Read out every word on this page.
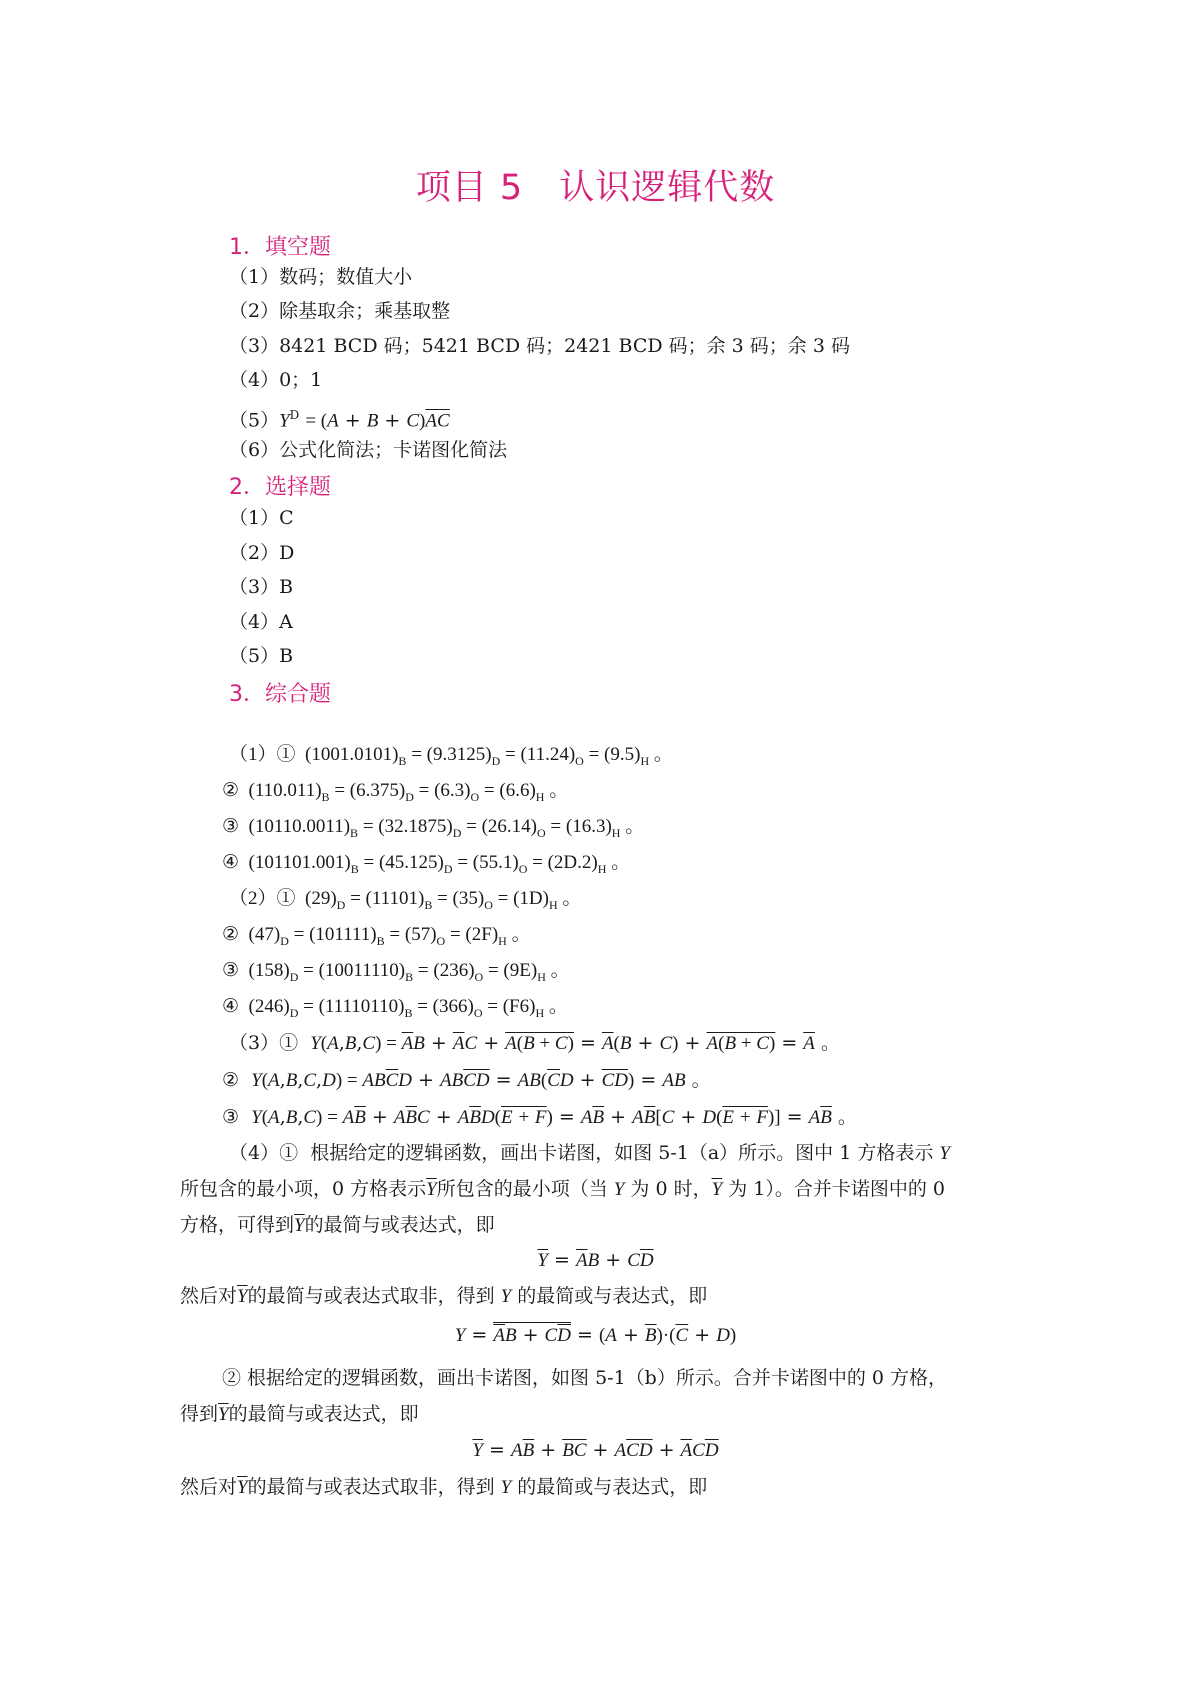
项目 5　认识逻辑代数
1．填空题
（1）数码；数值大小
（2）除基取余；乘基取整
（3）8421 BCD 码；5421 BCD 码；2421 BCD 码；余 3 码；余 3 码
（4）0；1
$(5)Y^D = (A + B + C)\overline{AC}$
（6）公式化简法；卡诺图化简法
2．选择题
（1）C
（2）D
（3）B
（4）A
（5）B
3．综合题
（1）①  $(1001.0101)_B = (9.3125)_D = (11.24)_O = (9.5)_H$ 。
②  $(110.011)_B = (6.375)_D = (6.3)_O = (6.6)_H$ 。
③  $(10110.0011)_B = (32.1875)_D = (26.14)_O = (16.3)_H$ 。
④  $(101101.001)_B = (45.125)_D = (55.1)_O = (2D.2)_H$ 。
（2）①  $(29)_D = (11101)_B = (35)_O = (1D)_H$ 。
②  $(47)_D = (101111)_B = (57)_O = (2F)_H$ 。
③  $(158)_D = (10011110)_B = (236)_O = (9E)_H$ 。
④  $(246)_D = (11110110)_B = (366)_O = (F6)_H$ 。
（3）① $Y(A,B,C) = \overline{A}B + \overline{A}C + \overline{A}(B + C) = \overline{A}(B + C) + \overline{A}(B + C) = \overline{A}$ 。
② $Y(A,B,C,D) = AB\overline{C}D + AB\overline{CD} = AB(\overline{C}D + \overline{CD})$ = AB 。
③ $Y(A,B,C) = A\overline{B} + A\overline{B}C + A\overline{B}D(E + F) = A\overline{B} + A\overline{B}[C + D(E + F)] = A\overline{B}$ 。
（4）① 根据给定的逻辑函数，画出卡诺图，如图 5-1（a）所示。图中 1 方格表示 Y
所包含的最小项，0 方格表示$\overline{Y}$所包含的最小项（当 Y 为 0 时，$\overline{Y}$ 为 1）。合并卡诺图中的 0
方格，可得到$\overline{Y}$的最简与或表达式，即
$\overline{Y} = \overline{A}B + C\overline{D}$
然后对$\overline{Y}$的最简与或表达式取非，得到 Y 的最简或与表达式，即
$Y = \overline{A}B + C\overline{D} = (A + \overline{B})\cdot(\overline{C} + D)$
② 根据给定的逻辑函数，画出卡诺图，如图 5-1（b）所示。合并卡诺图中的 0 方格，
得到$\overline{Y}$的最简与或表达式，即
$\overline{Y} = A\overline{B} + \overline{B}\overline{C} + A\overline{C}\overline{D} + \overline{A}C\overline{D}$
然后对$\overline{Y}$的最简与或表达式取非，得到 Y 的最简或与表达式，即
